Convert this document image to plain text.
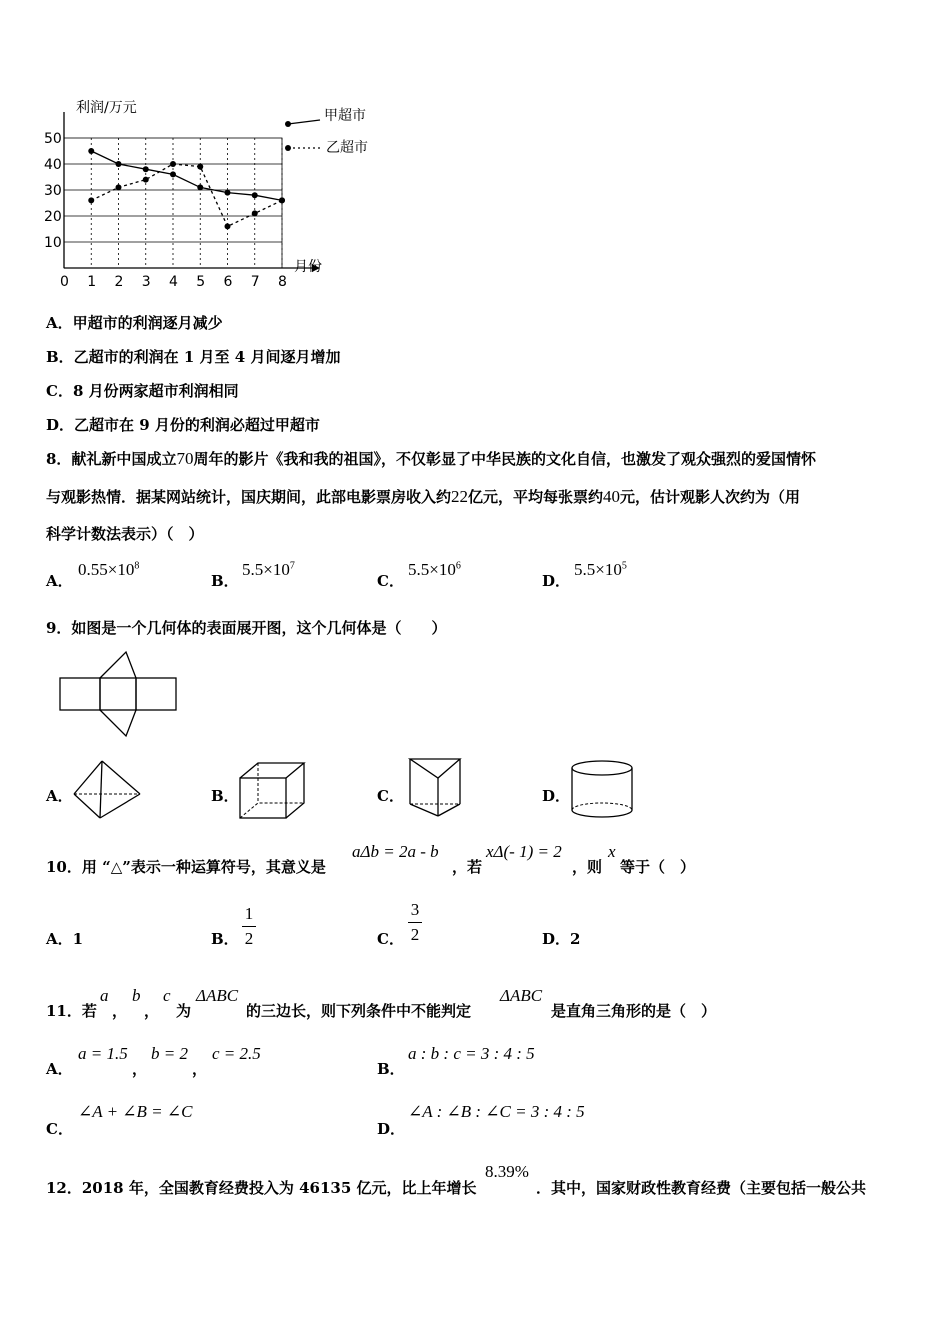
利润/万元
50
40
30
20
10
0 1 2 3 4 5 6 7 8
月份
甲超市
乙超市
A．甲超市的利润逐月减少
B．乙超市的利润在 1 月至 4 月间逐月增加
C．8 月份两家超市利润相同
D．乙超市在 9 月份的利润必超过甲超市
8．献礼新中国成立70周年的影片《我和我的祖国》，不仅彰显了中华民族的文化自信，也激发了观众强烈的爱国情怀
与观影热情．据某网站统计，国庆期间，此部电影票房收入约22亿元，平均每张票约40元，估计观影人次约为（用
科学计数法表示）（　）
A．
$0.55\times 10^8$
B．
$5.5\times 10^7$
C．
$5.5\times 10^6$
D．
$5.5\times 10^5$
9．如图是一个几何体的表面展开图，这个几何体是（　　）
A．	B．	C．	D．
10．用 “△”表示一种运算符号，其意义是
aΔb = 2a - b
，若
xΔ(- 1) = 2
，则
x
等于（　）
A．1	B．
1
2	C．
3
2	D．2
11．若
a
，
b
，
c
为
ΔABC
的三边长，则下列条件中不能判定
ΔABC
是直角三角形的是（　）
A．
a = 1.5
，
b = 2
，
c = 2.5
B．
a : b : c = 3 : 4 : 5
C．
∠A + ∠B = ∠C
D．
∠A : ∠B : ∠C = 3 : 4 : 5
12．2018 年，全国教育经费投入为 46135 亿元，比上年增长
8.39%
．其中，国家财政性教育经费（主要包括一般公共
